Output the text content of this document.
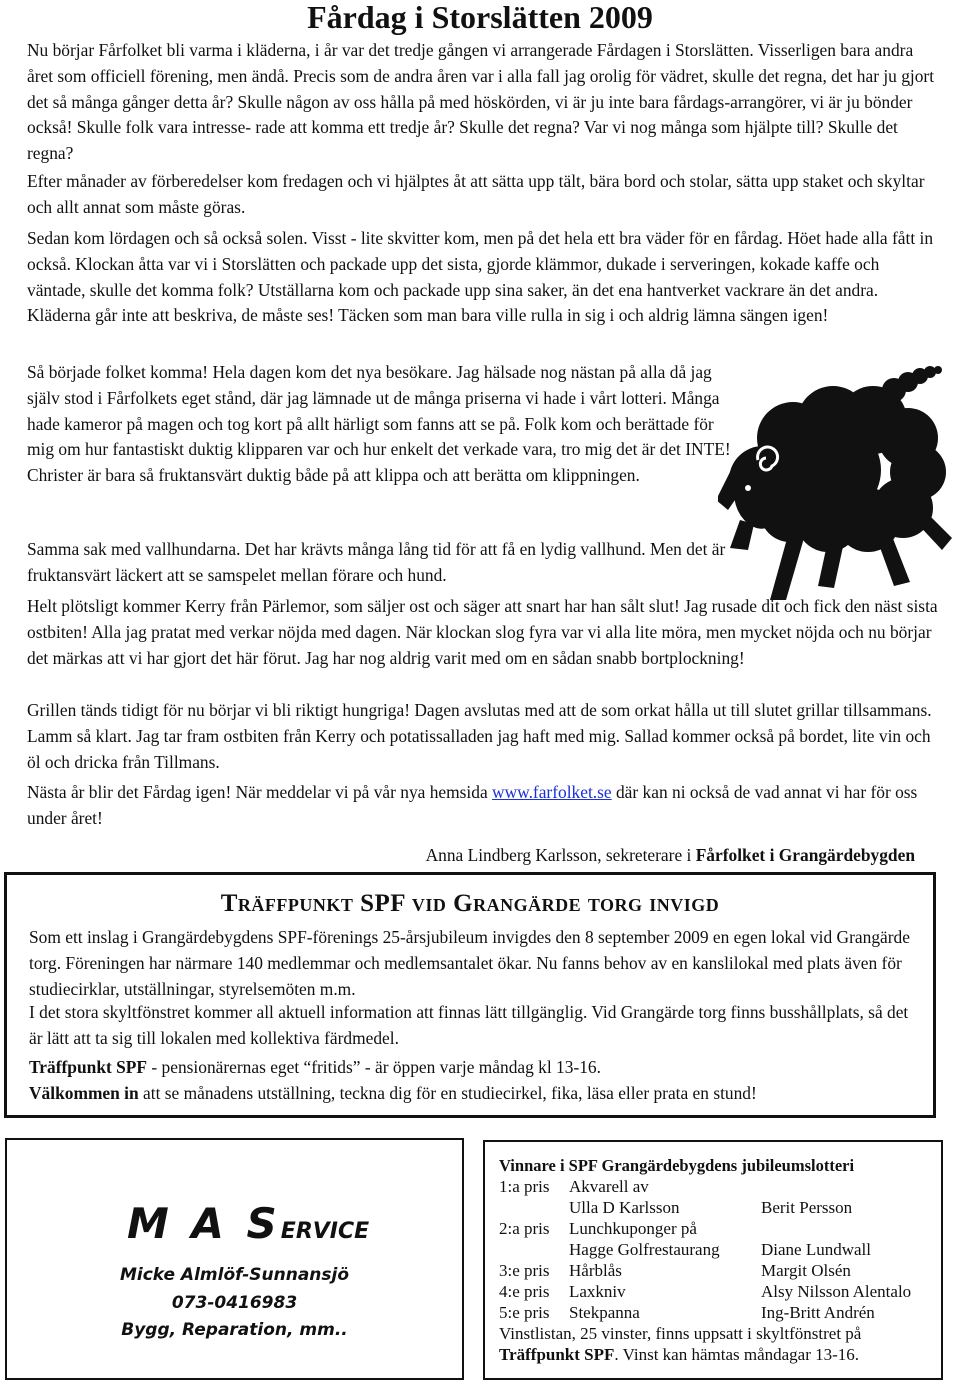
Fårdag i Storslätten 2009

Nu börjar Fårfolket bli varma i kläderna, i år var det tredje gången vi arrangerade Fårdagen i Storslätten. Visserligen bara andra året som officiell förening, men ändå. Precis som de andra åren var i alla fall jag orolig för vädret, skulle det regna, det har ju gjort det så många gånger detta år? Skulle någon av oss hålla på med höskörden, vi är ju inte bara fårdags-arrangörer, vi är ju bönder också! Skulle folk vara intresse- rade att komma ett tredje år? Skulle det regna? Var vi nog många som hjälpte till? Skulle det regna?

Efter månader av förberedelser kom fredagen och vi hjälptes åt att sätta upp tält, bära bord och stolar, sätta upp staket och skyltar och allt annat som måste göras.

Sedan kom lördagen och så också solen. Visst - lite skvitter kom, men på det hela ett bra väder för en fårdag. Höet hade alla fått in också. Klockan åtta var vi i Storslätten och packade upp det sista, gjorde klämmor, dukade i serveringen, kokade kaffe och väntade, skulle det komma folk? Utställarna kom och packade upp sina saker, än det ena hantverket vackrare än det andra. Kläderna går inte att beskriva, de måste ses! Täcken som man bara ville rulla in sig i och aldrig lämna sängen igen!

Så började folket komma! Hela dagen kom det nya besökare. Jag hälsade nog nästan på alla då jag själv stod i Fårfolkets eget stånd, där jag lämnade ut de många priserna vi hade i vårt lotteri. Många hade kameror på magen och tog kort på allt härligt som fanns att se på. Folk kom och berättade för mig om hur fantastiskt duktig klipparen var och hur enkelt det verkade vara, tro mig det är det INTE! Christer är bara så fruktansvärt duktig både på att klippa och att berätta om klippningen.

Samma sak med vallhundarna. Det har krävts många lång tid för att få en lydig vallhund. Men det är fruktansvärt läckert att se samspelet mellan förare och hund.

Helt plötsligt kommer Kerry från Pärlemor, som säljer ost och säger att snart har han sålt slut! Jag rusade dit och fick den näst sista ostbiten! Alla jag pratat med verkar nöjda med dagen. När klockan slog fyra var vi alla lite möra, men mycket nöjda och nu börjar det märkas att vi har gjort det här förut. Jag har nog aldrig varit med om en sådan snabb bortplockning!

Grillen tänds tidigt för nu börjar vi bli riktigt hungriga! Dagen avslutas med att de som orkat hålla ut till slutet grillar tillsammans. Lamm så klart. Jag tar fram ostbiten från Kerry och potatissalladen jag haft med mig. Sallad kommer också på bordet, lite vin och öl och dricka från Tillmans.

Nästa år blir det Fårdag igen! När meddelar vi på vår nya hemsida www.farfolket.se där kan ni också de vad annat vi har för oss under året!

Anna Lindberg Karlsson, sekreterare i Fårfolket i Grangärdebygden

Träffpunkt SPF vid Grangärde torg invigd

Som ett inslag i Grangärdebygdens SPF-förenings 25-årsjubileum invigdes den 8 september 2009 en egen lokal vid Grangärde torg. Föreningen har närmare 140 medlemmar och medlemsantalet ökar. Nu fanns behov av en kanslilokal med plats även för studiecirklar, utställningar, styrelsemöten m.m.

I det stora skyltfönstret kommer all aktuell information att finnas lätt tillgänglig. Vid Grangärde torg finns busshållplats, så det är lätt att ta sig till lokalen med kollektiva färdmedel.

Träffpunkt SPF - pensionärernas eget “fritids” - är öppen varje måndag kl 13-16.

Välkommen in att se månadens utställning, teckna dig för en studiecirkel, fika, läsa eller prata en stund!

M A SERVICE
Micke Almlöf-Sunnansjö
073-0416983
Bygg, Reparation, mm..
Vinnare i SPF Grangärdebygdens jubileumslotteri
1:a pris Akvarell av
Ulla D Karlsson	Berit Persson
2:a pris Lunchkuponger på
Hagge Golfrestaurang Diane Lundwall
3:e pris Hårblås	Margit Olsén
4:e pris Laxkniv	Alsy Nilsson Alentalo
5:e pris Stekpanna	Ing-Britt Andrén
Vinstlistan, 25 vinster, finns uppsatt i skyltfönstret på
Träffpunkt SPF. Vinst kan hämtas måndagar 13-16.
